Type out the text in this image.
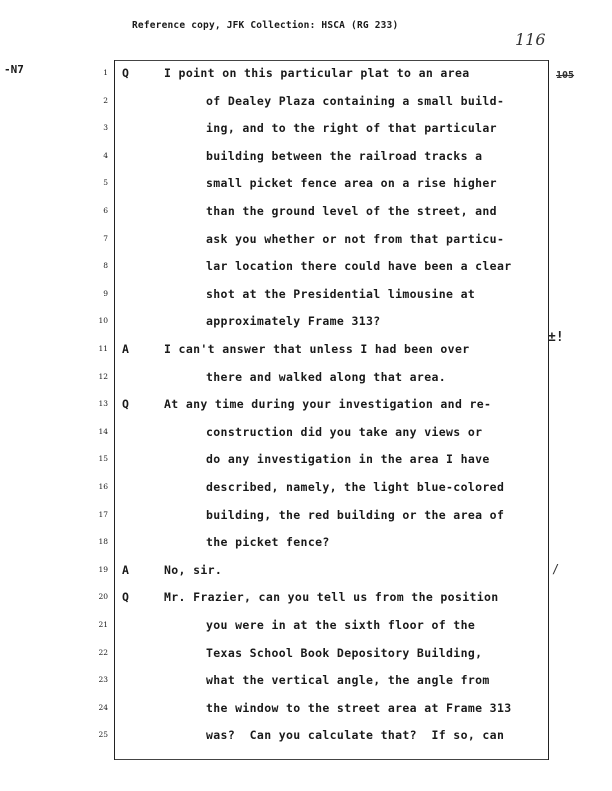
Reference copy, JFK Collection: HSCA (RG 233)
116
-N7	105
±!
/
1 Q	I point on this particular plat to an area
2	of Dealey Plaza containing a small build-
3	ing, and to the right of that particular
4	building between the railroad tracks a
5	small picket fence area on a rise higher
6	than the ground level of the street, and
7	ask you whether or not from that particu-
8	lar location there could have been a clear
9	shot at the Presidential limousine at
10	approximately Frame 313?
11 A	I can't answer that unless I had been over
12	there and walked along that area.
13 Q	At any time during your investigation and re-
14	construction did you take any views or
15	do any investigation in the area I have
16	described, namely, the light blue-colored
17	building, the red building or the area of
18	the picket fence?
19 A	No, sir.
20 Q	Mr. Frazier, can you tell us from the position
21	you were in at the sixth floor of the
22	Texas School Book Depository Building,
23	what the vertical angle, the angle from
24	the window to the street area at Frame 313
25	was?  Can you calculate that?  If so, can
